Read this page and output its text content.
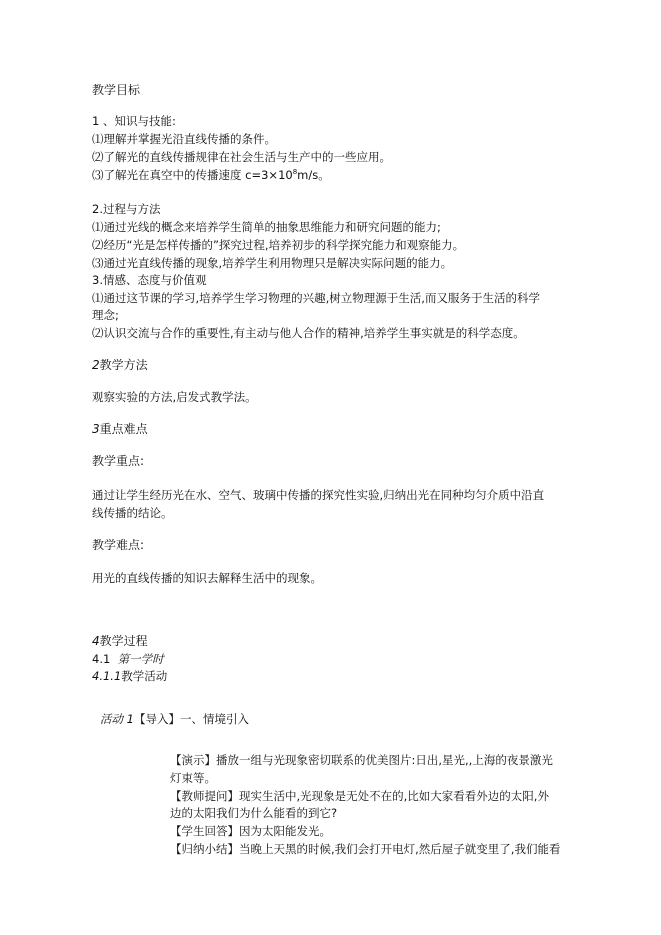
教学目标
1 、知识与技能:
⑴理解并掌握光沿直线传播的条件。
⑵了解光的直线传播规律在社会生活与生产中的一些应用。
⑶了解光在真空中的传播速度 $c=3\times 10^8m/s$。
2.过程与方法
⑴通过光线的概念来培养学生简单的抽象思维能力和研究问题的能力;
⑵经历“光是怎样传播的”探究过程,培养初步的科学探究能力和观察能力。
⑶通过光直线传播的现象,培养学生利用物理只是解决实际问题的能力。
3.情感、态度与价值观
⑴通过这节课的学习,培养学生学习物理的兴趣,树立物理源于生活,而又服务于生活的科学
理念;
⑵认识交流与合作的重要性,有主动与他人合作的精神,培养学生事实就是的科学态度。
2教学方法
观察实验的方法,启发式教学法。
3重点难点
教学重点:
通过让学生经历光在水、空气、玻璃中传播的探究性实验,归纳出光在同种均匀介质中沿直
线传播的结论。
教学难点:
用光的直线传播的知识去解释生活中的现象。
4教学过程
4.1 第一学时
4.1.1教学活动
活动 1【导入】一、情境引入
【演示】播放一组与光现象密切联系的优美图片:日出,星光,,上海的夜景激光
灯束等。
【教师提问】现实生活中,光现象是无处不在的,比如大家看看外边的太阳,外
边的太阳我们为什么能看的到它?
【学生回答】因为太阳能发光。
【归纳小结】当晚上天黑的时候,我们会打开电灯,然后屋子就变里了,我们能看
